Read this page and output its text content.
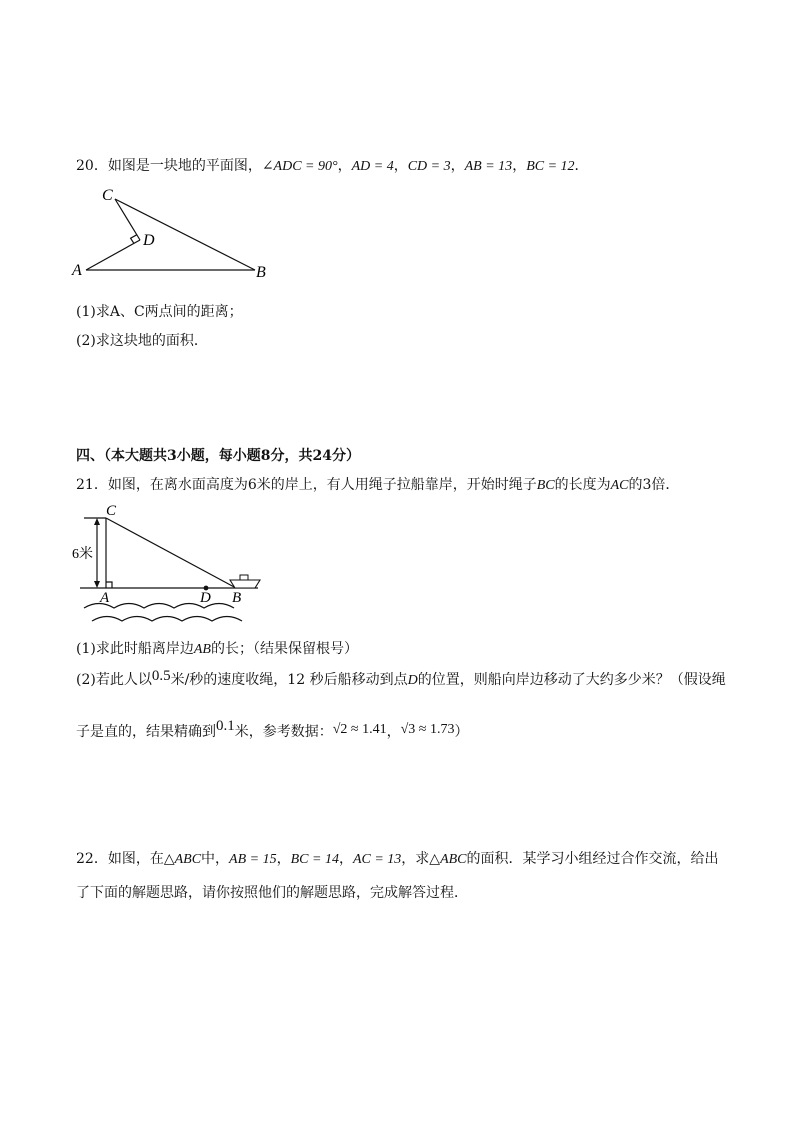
20．如图是一块地的平面图，∠ADC = 90°，AD = 4，CD = 3，AB = 13，BC = 12．
C
D
A	B
(1)求A、C两点间的距离；
(2)求这块地的面积．
四、（本大题共3小题，每小题8分，共24分）
21．如图，在离水面高度为6米的岸上，有人用绳子拉船靠岸，开始时绳子BC的长度为AC的3倍．
C
A	D B
6米
(1)求此时船离岸边AB的长；（结果保留根号）
(2)若此人以0.5米/秒的速度收绳，12 秒后船移动到点D的位置，则船向岸边移动了大约多少米？（假设绳
子是直的，结果精确到0.1米，参考数据：√2 ≈ 1.41，√3 ≈ 1.73）
22．如图，在△ABC中，AB = 15，BC = 14，AC = 13，求△ABC的面积．某学习小组经过合作交流，给出
了下面的解题思路，请你按照他们的解题思路，完成解答过程．
